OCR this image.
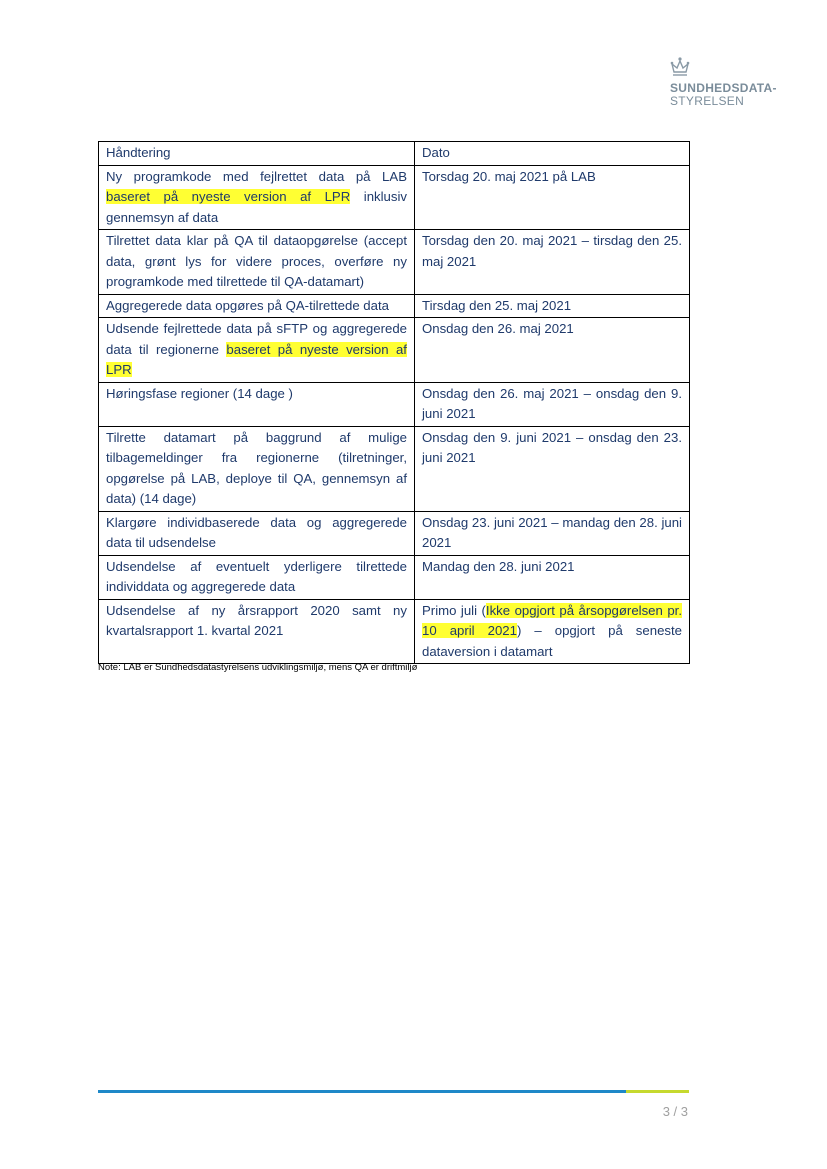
SUNDHEDSDATA-
STYRELSEN
Håndtering	Dato
Ny programkode med fejlrettet data på LAB baseret på nyeste version af LPR inklusiv gennemsyn af data	Torsdag 20. maj 2021 på LAB
Tilrettet data klar på QA til dataopgørelse (accept data, grønt lys for videre proces, overføre ny programkode med tilrettede til QA-datamart)	Torsdag den 20. maj 2021 – tirsdag den 25. maj 2021
Aggregerede data opgøres på QA-tilrettede data	Tirsdag den 25. maj 2021
Udsende fejlrettede data på sFTP og aggregerede data til regionerne baseret på nyeste version af LPR	Onsdag den 26. maj 2021
Høringsfase regioner (14 dage )	Onsdag den 26. maj 2021 – onsdag den 9. juni 2021
Tilrette datamart på baggrund af mulige tilbagemeldinger fra regionerne (tilretninger, opgørelse på LAB, deploye til QA, gennemsyn af data) (14 dage)	Onsdag den 9. juni 2021 – onsdag den 23. juni 2021
Klargøre individbaserede data og aggregerede data til udsendelse	Onsdag 23. juni 2021 – mandag den 28. juni 2021
Udsendelse af eventuelt yderligere tilrettede individdata og aggregerede data	Mandag den 28. juni 2021
Udsendelse af ny årsrapport 2020 samt ny kvartalsrapport 1. kvartal 2021	Primo juli (Ikke opgjort på årsopgørelsen pr. 10 april 2021) – opgjort på seneste dataversion i datamart
Note: LAB er Sundhedsdatastyrelsens udviklingsmiljø, mens QA er driftmiljø
3 / 3
